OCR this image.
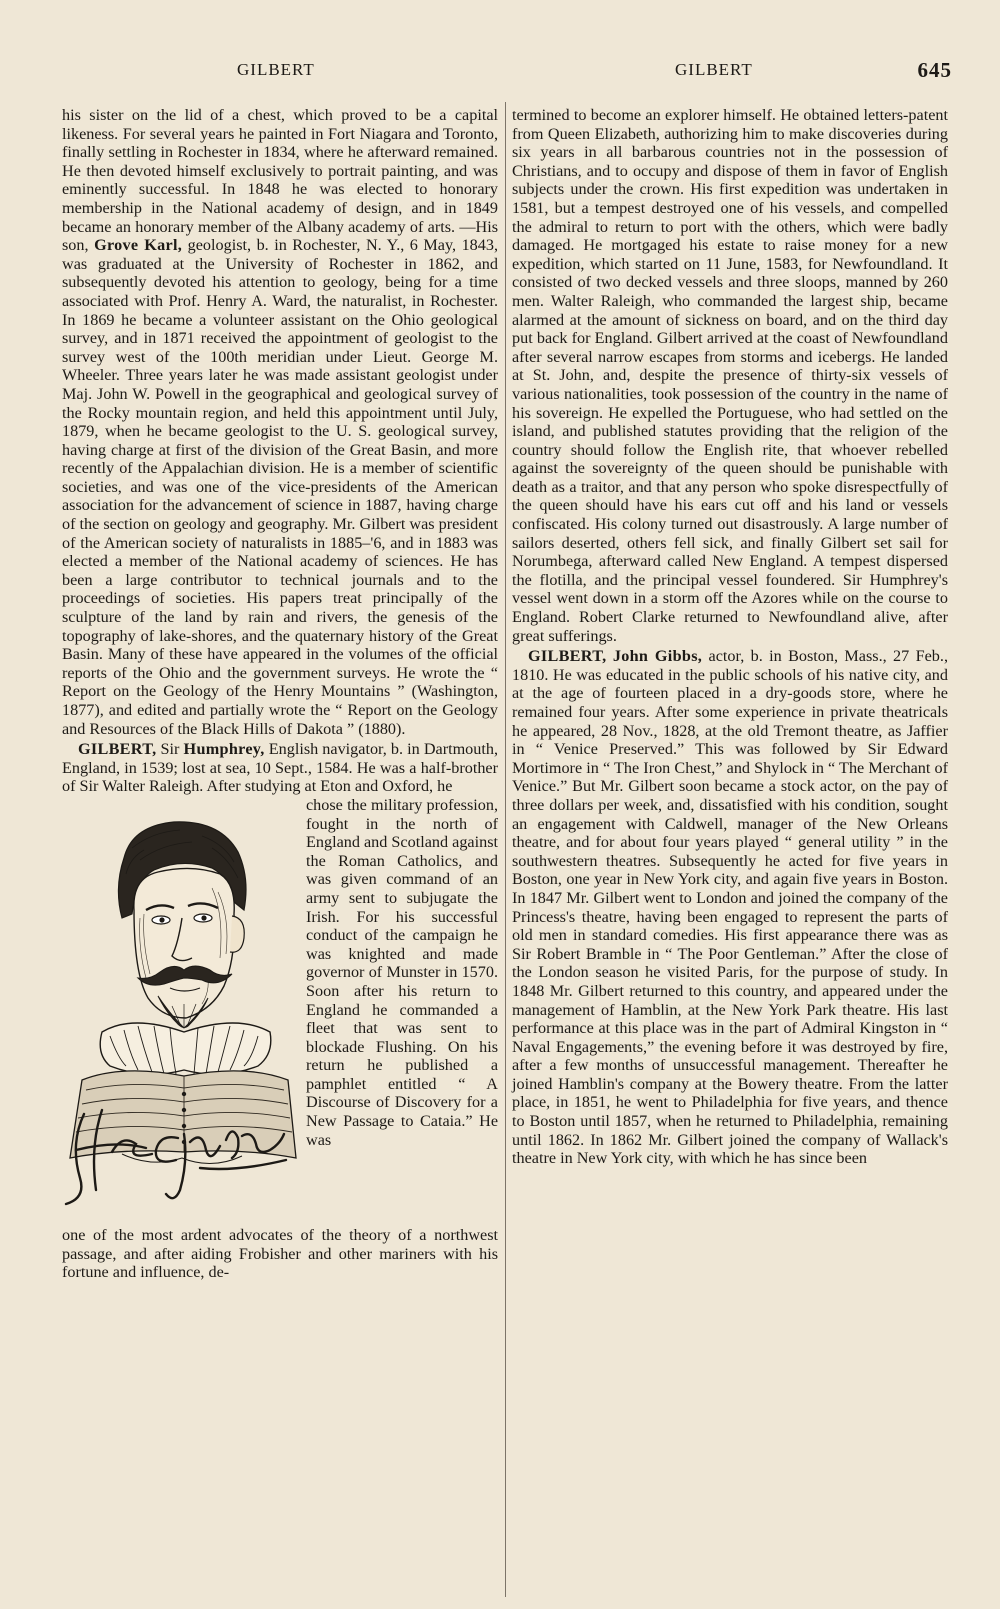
GILBERT	GILBERT	645

his sister on the lid of a chest, which proved to be a capital likeness. For several years he painted in Fort Niagara and Toronto, finally settling in Rochester in 1834, where he afterward remained. He then devoted himself exclusively to portrait painting, and was eminently successful. In 1848 he was elected to honorary membership in the National academy of design, and in 1849 became an honorary member of the Albany academy of arts. —His son, Grove Karl, geologist, b. in Rochester, N. Y., 6 May, 1843, was graduated at the University of Rochester in 1862, and subsequently devoted his attention to geology, being for a time associated with Prof. Henry A. Ward, the naturalist, in Rochester. In 1869 he became a volunteer assistant on the Ohio geological survey, and in 1871 received the appointment of geologist to the survey west of the 100th meridian under Lieut. George M. Wheeler. Three years later he was made assistant geologist under Maj. John W. Powell in the geographical and geological survey of the Rocky mountain region, and held this appointment until July, 1879, when he became geologist to the U. S. geological survey, having charge at first of the division of the Great Basin, and more recently of the Appalachian division. He is a member of scientific societies, and was one of the vice-presidents of the American association for the advancement of science in 1887, having charge of the section on geology and geography. Mr. Gilbert was president of the American society of naturalists in 1885–'6, and in 1883 was elected a member of the National academy of sciences. He has been a large contributor to technical journals and to the proceedings of societies. His papers treat principally of the sculpture of the land by rain and rivers, the genesis of the topography of lake-shores, and the quaternary history of the Great Basin. Many of these have appeared in the volumes of the official reports of the Ohio and the government surveys. He wrote the “ Report on the Geology of the Henry Mountains ” (Washington, 1877), and edited and partially wrote the “ Report on the Geology and Resources of the Black Hills of Dakota ” (1880).

GILBERT, Sir Humphrey, English navigator, b. in Dartmouth, England, in 1539; lost at sea, 10 Sept., 1584. He was a half-brother of Sir Walter Raleigh. After studying at Eton and Oxford, he

chose the military profession, fought in the north of England and Scotland against the Roman Catholics, and was given command of an army sent to subjugate the Irish. For his successful conduct of the campaign he was knighted and made governor of Munster in 1570. Soon after his return to England he commanded a fleet that was sent to blockade Flushing. On his return he published a pamphlet entitled “ A Discourse of Discovery for a New Passage to Cataia.” He was

one of the most ardent advocates of the theory of a northwest passage, and after aiding Frobisher and other mariners with his fortune and influence, de-

termined to become an explorer himself. He obtained letters-patent from Queen Elizabeth, authorizing him to make discoveries during six years in all barbarous countries not in the possession of Christians, and to occupy and dispose of them in favor of English subjects under the crown. His first expedition was undertaken in 1581, but a tempest destroyed one of his vessels, and compelled the admiral to return to port with the others, which were badly damaged. He mortgaged his estate to raise money for a new expedition, which started on 11 June, 1583, for Newfoundland. It consisted of two decked vessels and three sloops, manned by 260 men. Walter Raleigh, who commanded the largest ship, became alarmed at the amount of sickness on board, and on the third day put back for England. Gilbert arrived at the coast of Newfoundland after several narrow escapes from storms and icebergs. He landed at St. John, and, despite the presence of thirty-six vessels of various nationalities, took possession of the country in the name of his sovereign. He expelled the Portuguese, who had settled on the island, and published statutes providing that the religion of the country should follow the English rite, that whoever rebelled against the sovereignty of the queen should be punishable with death as a traitor, and that any person who spoke disrespectfully of the queen should have his ears cut off and his land or vessels confiscated. His colony turned out disastrously. A large number of sailors deserted, others fell sick, and finally Gilbert set sail for Norumbega, afterward called New England. A tempest dispersed the flotilla, and the principal vessel foundered. Sir Humphrey's vessel went down in a storm off the Azores while on the course to England. Robert Clarke returned to Newfoundland alive, after great sufferings.

GILBERT, John Gibbs, actor, b. in Boston, Mass., 27 Feb., 1810. He was educated in the public schools of his native city, and at the age of fourteen placed in a dry-goods store, where he remained four years. After some experience in private theatricals he appeared, 28 Nov., 1828, at the old Tremont theatre, as Jaffier in “ Venice Preserved.” This was followed by Sir Edward Mortimore in “ The Iron Chest,” and Shylock in “ The Merchant of Venice.” But Mr. Gilbert soon became a stock actor, on the pay of three dollars per week, and, dissatisfied with his condition, sought an engagement with Caldwell, manager of the New Orleans theatre, and for about four years played “ general utility ” in the southwestern theatres. Subsequently he acted for five years in Boston, one year in New York city, and again five years in Boston. In 1847 Mr. Gilbert went to London and joined the company of the Princess's theatre, having been engaged to represent the parts of old men in standard comedies. His first appearance there was as Sir Robert Bramble in “ The Poor Gentleman.” After the close of the London season he visited Paris, for the purpose of study. In 1848 Mr. Gilbert returned to this country, and appeared under the management of Hamblin, at the New York Park theatre. His last performance at this place was in the part of Admiral Kingston in “ Naval Engagements,” the evening before it was destroyed by fire, after a few months of unsuccessful management. Thereafter he joined Hamblin's company at the Bowery theatre. From the latter place, in 1851, he went to Philadelphia for five years, and thence to Boston until 1857, when he returned to Philadelphia, remaining until 1862. In 1862 Mr. Gilbert joined the company of Wallack's theatre in New York city, with which he has since been
